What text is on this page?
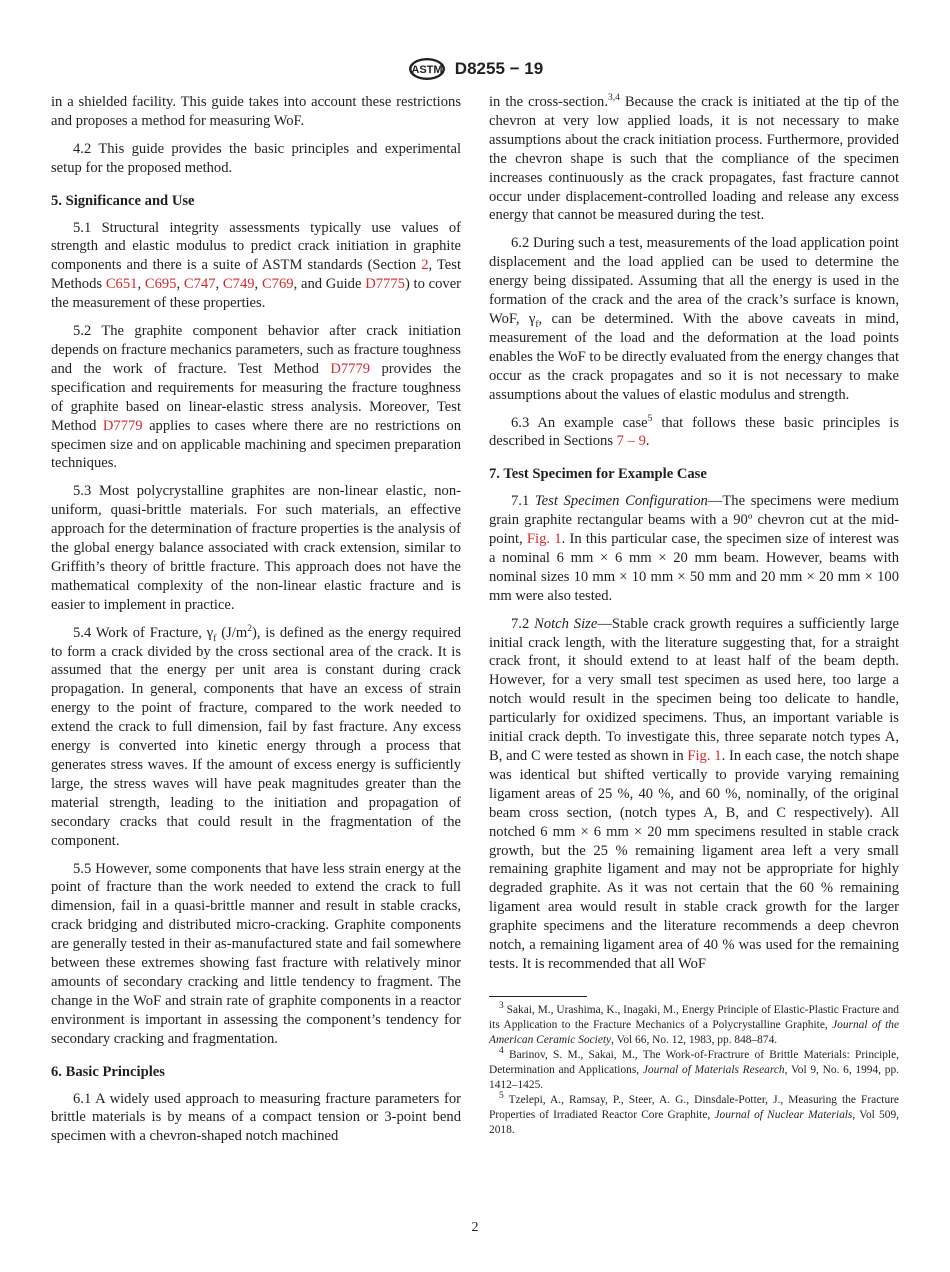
ASTM D8255 − 19

in a shielded facility. This guide takes into account these restrictions and proposes a method for measuring WoF.

4.2 This guide provides the basic principles and experimental setup for the proposed method.

5. Significance and Use

5.1 Structural integrity assessments typically use values of strength and elastic modulus to predict crack initiation in graphite components and there is a suite of ASTM standards (Section 2, Test Methods C651, C695, C747, C749, C769, and Guide D7775) to cover the measurement of these properties.

5.2 The graphite component behavior after crack initiation depends on fracture mechanics parameters, such as fracture toughness and the work of fracture. Test Method D7779 provides the specification and requirements for measuring the fracture toughness of graphite based on linear-elastic stress analysis. Moreover, Test Method D7779 applies to cases where there are no restrictions on specimen size and on applicable machining and specimen preparation techniques.

5.3 Most polycrystalline graphites are non-linear elastic, non-uniform, quasi-brittle materials. For such materials, an effective approach for the determination of fracture properties is the analysis of the global energy balance associated with crack extension, similar to Griffith’s theory of brittle fracture. This approach does not have the mathematical complexity of the non-linear elastic fracture and is easier to implement in practice.

5.4 Work of Fracture, $\gamma_f$ $(J/m^2)$, is defined as the energy required to form a crack divided by the cross sectional area of the crack. It is assumed that the energy per unit area is constant during crack propagation. In general, components that have an excess of strain energy to the point of fracture, compared to the work needed to extend the crack to full dimension, fail by fast fracture. Any excess energy is converted into kinetic energy through a process that generates stress waves. If the amount of excess energy is sufficiently large, the stress waves will have peak magnitudes greater than the material strength, leading to the initiation and propagation of secondary cracks that could result in the fragmentation of the component.

5.5 However, some components that have less strain energy at the point of fracture than the work needed to extend the crack to full dimension, fail in a quasi-brittle manner and result in stable cracks, crack bridging and distributed micro-cracking. Graphite components are generally tested in their as-manufactured state and fail somewhere between these extremes showing fast fracture with relatively minor amounts of secondary cracking and little tendency to fragment. The change in the WoF and strain rate of graphite components in a reactor environment is important in assessing the component’s tendency for secondary cracking and fragmentation.

6. Basic Principles

6.1 A widely used approach to measuring fracture parameters for brittle materials is by means of a compact tension or 3-point bend specimen with a chevron-shaped notch machined

in the cross-section.$^{3,4}$ Because the crack is initiated at the tip of the chevron at very low applied loads, it is not necessary to make assumptions about the crack initiation process. Furthermore, provided the chevron shape is such that the compliance of the specimen increases continuously as the crack propagates, fast fracture cannot occur under displacement-controlled loading and release any excess energy that cannot be measured during the test.

6.2 During such a test, measurements of the load application point displacement and the load applied can be used to determine the energy being dissipated. Assuming that all the energy is used in the formation of the crack and the area of the crack’s surface is known, WoF, $\gamma_f$, can be determined. With the above caveats in mind, measurement of the load and the deformation at the load points enables the WoF to be directly evaluated from the energy changes that occur as the crack propagates and so it is not necessary to make assumptions about the values of elastic modulus and strength.

6.3 An example case$^5$ that follows these basic principles is described in Sections 7 – 9.

7. Test Specimen for Example Case

7.1 Test Specimen Configuration—The specimens were medium grain graphite rectangular beams with a 90º chevron cut at the mid-point, Fig. 1. In this particular case, the specimen size of interest was a nominal 6 mm × 6 mm × 20 mm beam. However, beams with nominal sizes 10 mm × 10 mm × 50 mm and 20 mm × 20 mm × 100 mm were also tested.

7.2 Notch Size—Stable crack growth requires a sufficiently large initial crack length, with the literature suggesting that, for a straight crack front, it should extend to at least half of the beam depth. However, for a very small test specimen as used here, too large a notch would result in the specimen being too delicate to handle, particularly for oxidized specimens. Thus, an important variable is initial crack depth. To investigate this, three separate notch types A, B, and C were tested as shown in Fig. 1. In each case, the notch shape was identical but shifted vertically to provide varying remaining ligament areas of 25 %, 40 %, and 60 %, nominally, of the original beam cross section, (notch types A, B, and C respectively). All notched 6 mm × 6 mm × 20 mm specimens resulted in stable crack growth, but the 25 % remaining ligament area left a very small remaining graphite ligament and may not be appropriate for highly degraded graphite. As it was not certain that the 60 % remaining ligament area would result in stable crack growth for the larger graphite specimens and the literature recommends a deep chevron notch, a remaining ligament area of 40 % was used for the remaining tests. It is recommended that all WoF

$^3$ Sakai, M., Urashima, K., Inagaki, M., Energy Principle of Elastic-Plastic Fracture and its Application to the Fracture Mechanics of a Polycrystalline Graphite, Journal of the American Ceramic Society, Vol 66, No. 12, 1983, pp. 848–874.

$^4$ Barinov, S. M., Sakai, M., The Work-of-Fractrure of Brittle Materials: Principle, Determination and Applications, Journal of Materials Research, Vol 9, No. 6, 1994, pp. 1412–1425.

$^5$ Tzelepi, A., Ramsay, P., Steer, A. G., Dinsdale-Potter, J., Measuring the Fracture Properties of Irradiated Reactor Core Graphite, Journal of Nuclear Materials, Vol 509, 2018.

2
